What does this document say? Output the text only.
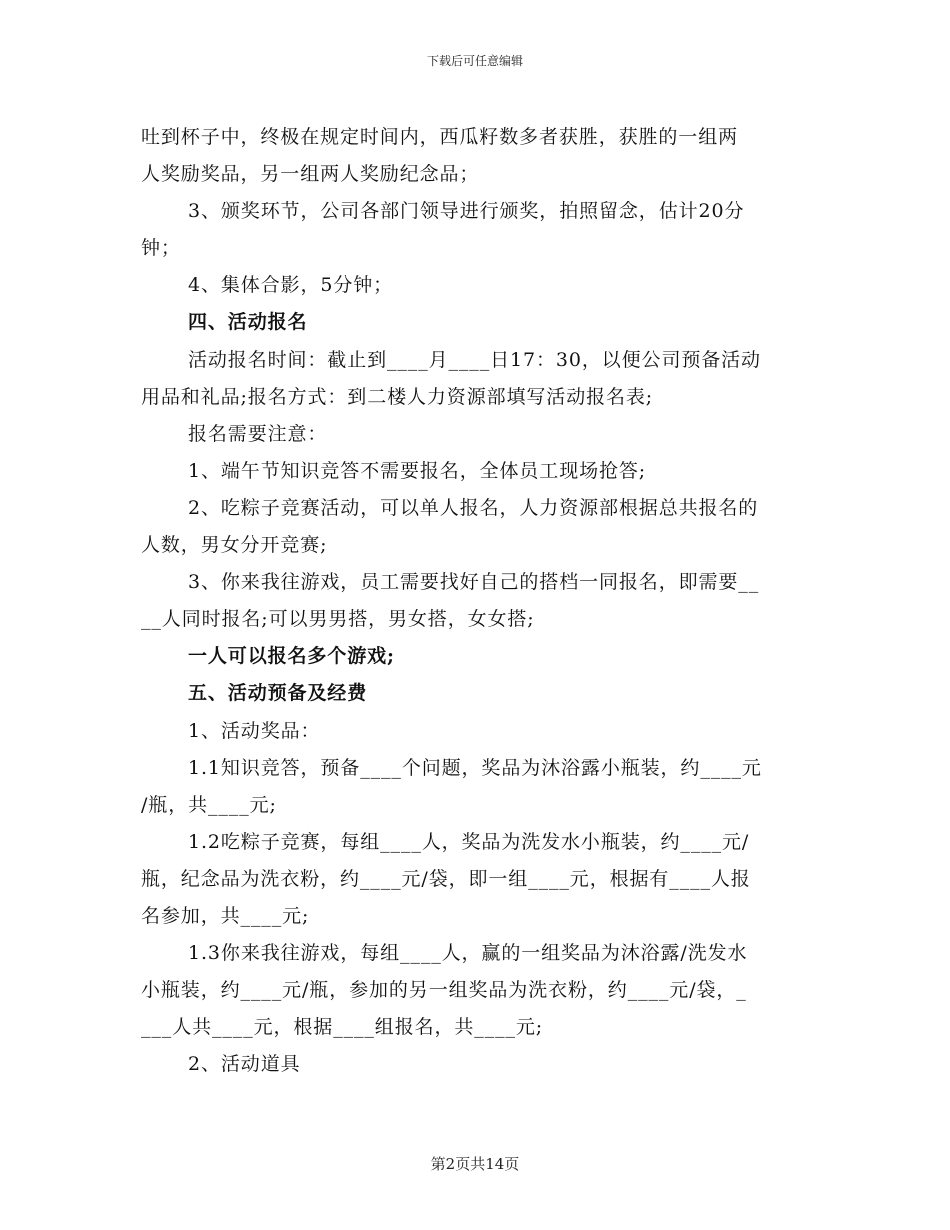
下载后可任意编辑
吐到杯子中，终极在规定时间内，西瓜籽数多者获胜，获胜的一组两
人奖励奖品，另一组两人奖励纪念品；
3、颁奖环节，公司各部门领导进行颁奖，拍照留念，估计20分
钟；
4、集体合影，5分钟；
四、活动报名
活动报名时间：截止到____月____日17：30，以便公司预备活动
用品和礼品;报名方式：到二楼人力资源部填写活动报名表;
报名需要注意：
1、端午节知识竞答不需要报名，全体员工现场抢答;
2、吃粽子竞赛活动，可以单人报名，人力资源部根据总共报名的
人数，男女分开竞赛;
3、你来我往游戏，员工需要找好自己的搭档一同报名，即需要__
__人同时报名;可以男男搭，男女搭，女女搭;
一人可以报名多个游戏;
五、活动预备及经费
1、活动奖品：
1.1知识竞答，预备____个问题，奖品为沐浴露小瓶装，约____元
/瓶，共____元;
1.2吃粽子竞赛，每组____人，奖品为洗发水小瓶装，约____元/
瓶，纪念品为洗衣粉，约____元/袋，即一组____元，根据有____人报
名参加，共____元;
1.3你来我往游戏，每组____人，赢的一组奖品为沐浴露/洗发水
小瓶装，约____元/瓶，参加的另一组奖品为洗衣粉，约____元/袋，_
___人共____元，根据____组报名，共____元;
2、活动道具
第2页共14页
